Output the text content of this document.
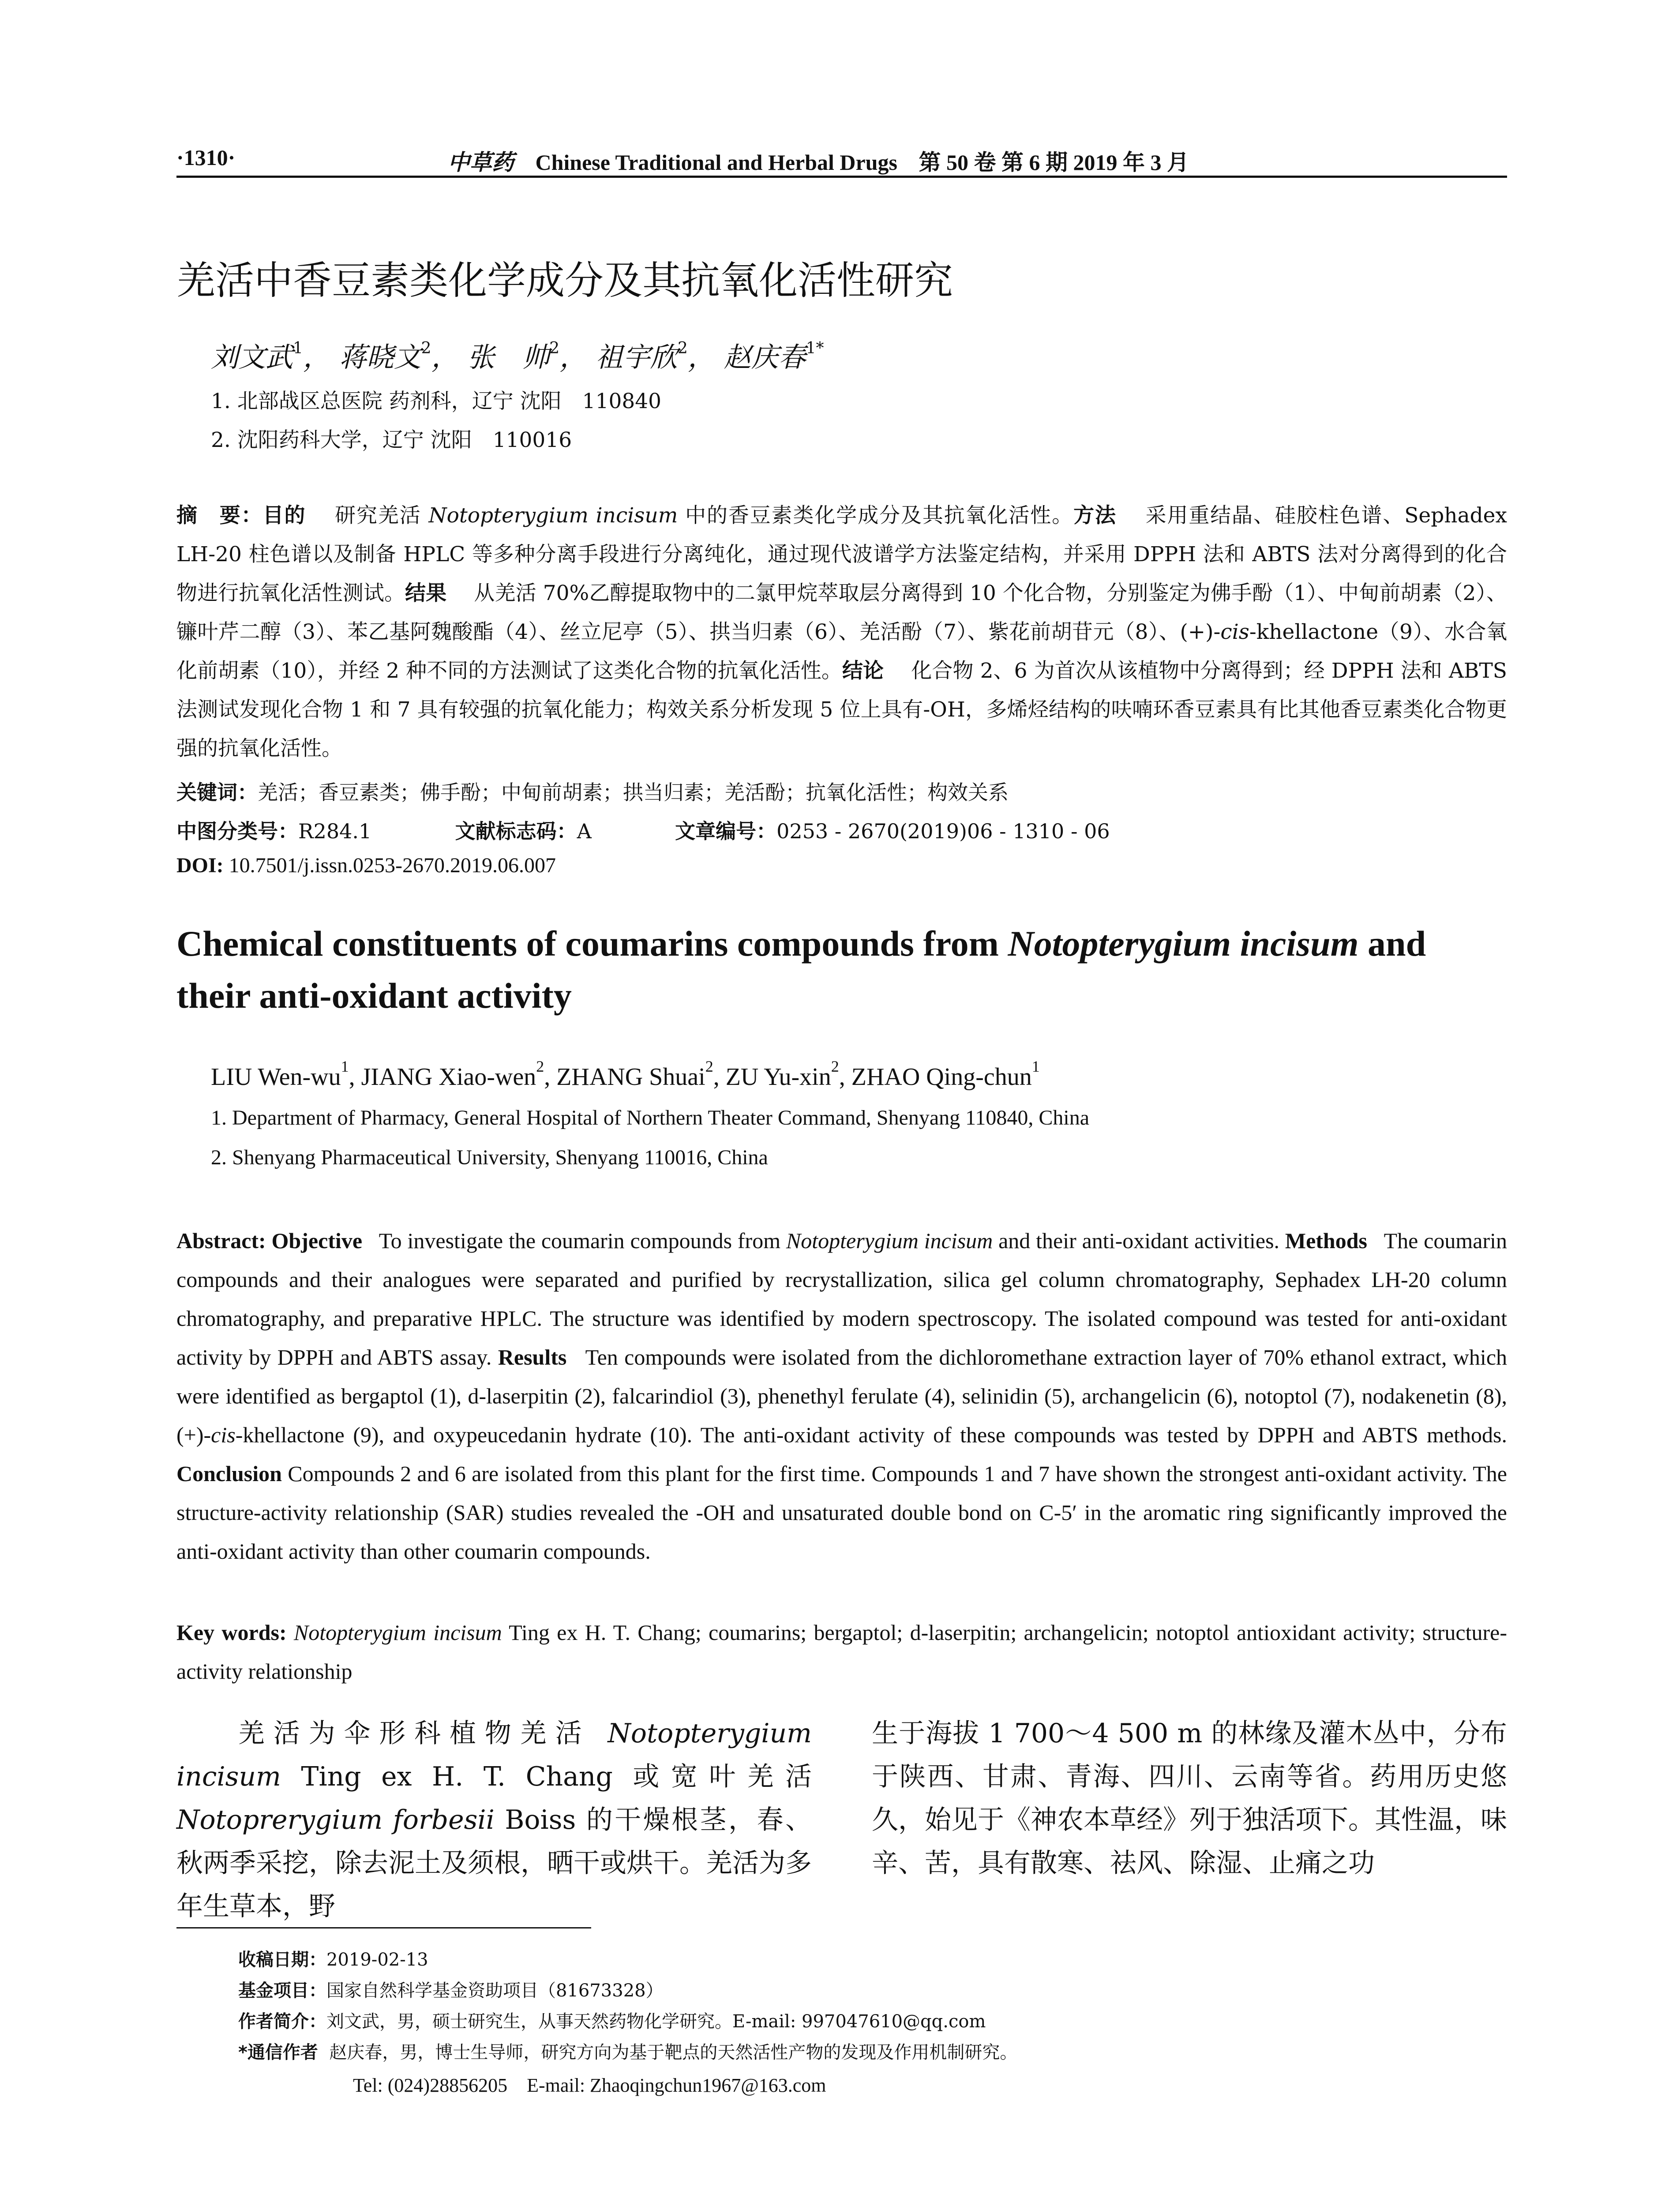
·1310·	中草药 Chinese Traditional and Herbal Drugs 第 50 卷 第 6 期 2019 年 3 月
羌活中香豆素类化学成分及其抗氧化活性研究
刘文武$^1$， 蒋晓文$^2$， 张　帅$^2$， 祖宇欣$^2$， 赵庆春$^{1*}$
1. 北部战区总医院 药剂科，辽宁 沈阳　110840
2. 沈阳药科大学，辽宁 沈阳　110016
摘　要：目的　 研究羌活 Notopterygium incisum 中的香豆素类化学成分及其抗氧化活性。方法　 采用重结晶、硅胶柱色谱、Sephadex LH-20 柱色谱以及制备 HPLC 等多种分离手段进行分离纯化，通过现代波谱学方法鉴定结构，并采用 DPPH 法和 ABTS 法对分离得到的化合物进行抗氧化活性测试。结果　 从羌活 70%乙醇提取物中的二氯甲烷萃取层分离得到 10 个化合物，分别鉴定为佛手酚（1）、中甸前胡素（2）、镰叶芹二醇（3）、苯乙基阿魏酸酯（4）、丝立尼亭（5）、拱当归素（6）、羌活酚（7）、紫花前胡苷元（8）、(+)-cis-khellactone（9）、水合氧化前胡素（10），并经 2 种不同的方法测试了这类化合物的抗氧化活性。结论　 化合物 2、6 为首次从该植物中分离得到；经 DPPH 法和 ABTS 法测试发现化合物 1 和 7 具有较强的抗氧化能力；构效关系分析发现 5 位上具有-OH，多烯烃结构的呋喃环香豆素具有比其他香豆素类化合物更强的抗氧化活性。
关键词：羌活；香豆素类；佛手酚；中甸前胡素；拱当归素；羌活酚；抗氧化活性；构效关系
中图分类号：R284.1	文献标志码：A	文章编号：0253 - 2670(2019)06 - 1310 - 06
DOI: 10.7501/j.issn.0253-2670.2019.06.007
Chemical constituents of coumarins compounds from Notopterygium incisum and their anti-oxidant activity
LIU Wen-$wu^1$, JIANG Xiao-wen$^2$, ZHANG Shuai$^2$, ZU Yu-xin$^2$, ZHAO Qing-chun$^1$
1. Department of Pharmacy, General Hospital of Northern Theater Command, Shenyang 110840, China
2. Shenyang Pharmaceutical University, Shenyang 110016, China
Abstract: Objective To investigate the coumarin compounds from Notopterygium incisum and their anti-oxidant activities. Methods The coumarin compounds and their analogues were separated and purified by recrystallization, silica gel column chromatography, Sephadex LH-20 column chromatography, and preparative HPLC. The structure was identified by modern spectroscopy. The isolated compound was tested for anti-oxidant activity by DPPH and ABTS assay. Results Ten compounds were isolated from the dichloromethane extraction layer of 70% ethanol extract, which were identified as bergaptol (1), d-laserpitin (2), falcarindiol (3), phenethyl ferulate (4), selinidin (5), archangelicin (6), notoptol (7), nodakenetin (8), (+)-cis-khellactone (9), and oxypeucedanin hydrate (10). The anti-oxidant activity of these compounds was tested by DPPH and ABTS methods. Conclusion Compounds 2 and 6 are isolated from this plant for the first time. Compounds 1 and 7 have shown the strongest anti-oxidant activity. The structure-activity relationship (SAR) studies revealed the -OH and unsaturated double bond on C-5′ in the aromatic ring significantly improved the anti-oxidant activity than other coumarin compounds.
Key words: Notopterygium incisum Ting ex H. T. Chang; coumarins; bergaptol; d-laserpitin; archangelicin; notoptol antioxidant activity; structure-activity relationship
羌活为伞形科植物羌活 Notopterygium incisum Ting ex H. T. Chang 或宽叶羌活 Notoprerygium forbesii Boiss 的干燥根茎，春、秋两季采挖，除去泥土及须根，晒干或烘干。羌活为多年生草本，野
生于海拔 1 700～4 500 m 的林缘及灌木丛中，分布于陕西、甘肃、青海、四川、云南等省。药用历史悠久，始见于《神农本草经》列于独活项下。其性温，味辛、苦，具有散寒、祛风、除湿、止痛之功
收稿日期：2019-02-13
基金项目：国家自然科学基金资助项目（81673328）
作者简介：刘文武，男，硕士研究生，从事天然药物化学研究。E-mail: 997047610@qq.com
*通信作者 赵庆春，男，博士生导师，研究方向为基于靶点的天然活性产物的发现及作用机制研究。
Tel: (024)28856205　E-mail: Zhaoqingchun1967@163.com
